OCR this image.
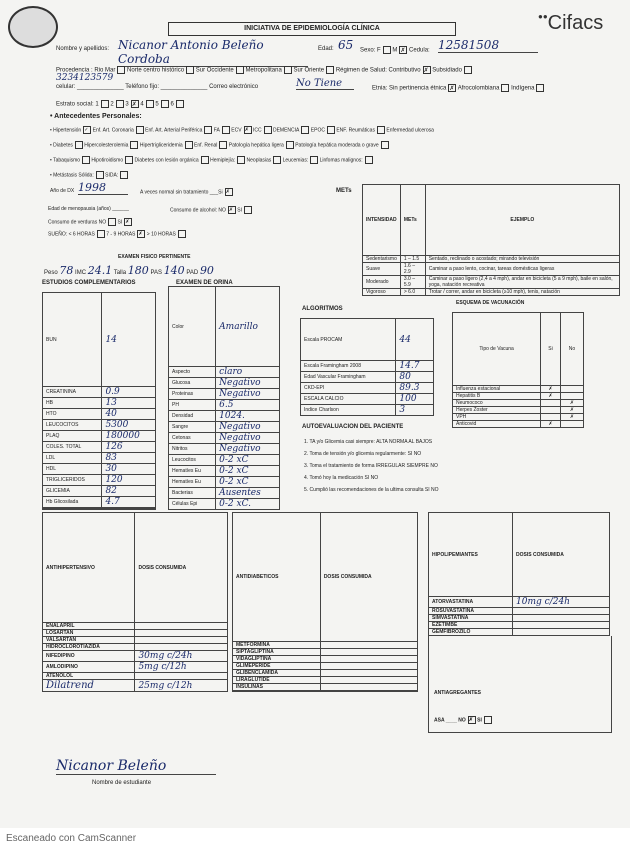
INICIATIVA DE EPIDEMIOLOGÍA CLÍNICA
●●Cifacs
Nombre y apellidos: Nicanor Antonio Beleño Cordoba
Edad: 65 Sexo: F M ✗ Cedula: 12581508
Procedencia : Rio Mar Norte centro histórico Sur Occidente Metropolitana Sur Oriente Régimen de Salud: Contributivo ✗ Subsidiado
3234123579
celular: ______________ Teléfono fijo: ______________ Correo electrónico	No Tiene	Etnia: Sin pertinencia étnica ✗ Afrocolombiana Indígena
Estrato social: 1 2 3 ✗ 4 5 6
• Antecedentes Personales:
• Hipertensión ✓ Enf. Art. Coronaria Enf. Art. Arterial Periférica FA ECV ✗ ICC DEMENCIA EPOC ENF. Reumáticas Enfermedad ulcerosa
• Diabetes Hipercolesterolemia Hipertrigliceridemia Enf. Renal Patología hepática ligera Patología hepática moderada o grave
• Tabaquismo Hipotiroidismo Diabetes con lesión orgánica Hemiplejía: Neoplasias Leucemias: Linfomas malignos:
• Metástasis Sólida: SIDA:
Año de DX 1998	A veces normal sin tratamiento ___Si ✗
Edad de menopausia (años) ______	Consumo de alcohol: NO ✗ SI
Consumo de verduras NO SI ✗
SUEÑO: < 6 HORAS 7 - 9 HORAS ✗ > 10 HORAS
METs
INTENSIDAD	METs	EJEMPLO
Sedentarismo	1 – 1.5	Sentado, reclinado o acostado; mirando televisión
Suave	1.6 – 2.9	Caminar a paso lento, cocinar, tareas domésticas ligeras
Moderado	3.0 – 5.9	Caminar a paso ligero (2,4 a 4 mph), andar en bicicleta (5 a 9 mph), baile en salón, yoga, natación recreativa
Vigoroso	> 6.0	Trotar / correr, andar en bicicleta (≥10 mph), tenis, natación
EXAMEN FISICO PERTINENTE
Peso 78 IMC 24.1 Talla 180 PAS 140 PAD 90
ESTUDIOS COMPLEMENTARIOS
BUN	14
CREATININA	0.9
HB	13
HTO	40
LEUCOCITOS	5300
PLAQ	180000
COLES. TOTAL	126
LDL	83
HDL	30
TRIGLICERIDOS	120
GLICEMIA	82
Hb Glicosilada	4.7

EXAMEN DE ORINA
Color	Amarillo
Aspecto	claro
Glucosa	Negativo
Proteinas	Negativo
PH	6.5
Densidad	1024.
Sangre	Negativo
Cetonas	Negativo
Nitritos	Negativo
Leucocitos	0-2 xC
Hematíes Eu	0-2 xC
Hematíes Eu	0-2 xC
Bacterias	Ausentes
Células Epi	0-2 xC.
ALGORITMOS
Escala PROCAM	44
Escala Framingham 2008	14.7
Edad Vascular Framingham	80
CKD-EPI	89.3
ESCALA CALCIO	100
Indice Charlson	3
ESQUEMA DE VACUNACIÓN
Tipo de Vacuna	Si	No
Influenza estacional	✗	
Hepatitis B	✗	
Neumococo		✗
Herpes Zoster		✗
VPH		✗
Anticovid	✗	
AUTOEVALUACION DEL PACIENTE
1. TA y/o Glicemia casi siempre: ALTA NORMA AL BAJOS
2. Toma de tensión y/o glicemia regularmente: SI NO
3. Toma el tratamiento de forma IRREGULAR SIEMPRE NO
4. Tomó hoy la medicación SI NO
5. Cumplió las recomendaciones de la ultima consulta SI NO
ANTIHIPERTENSIVO	DOSIS CONSUMIDA
ENALAPRIL	
LOSARTAN	
VALSARTAN	
HIDROCLOROTIAZIDA	
NIFEDIPINO	30mg c/24h
AMLODIPINO	5mg c/12h
ATENOLOL	
Dilatrend	25mg c/12h
ANTIDIABETICOS	DOSIS CONSUMIDA
METFORMINA	
SIPTAGLIPTINA	
VIDAGLIPTINA	
GLIMEPERIDE	
GLIBENCLAMIDA	
LIRAGLUTIDE	
INSULINAS	

HIPOLIPEMIANTES	DOSIS CONSUMIDA
ATORVASTATINA	10mg c/24h
ROSUVASTATINA	
SIMVASTATINA	
EZETIMBE	
GEMFIBROZILO	
ANTIAGREGANTES
ASA ____ NO ✗ SI
Nicanor Beleño
Nombre de estudiante
Escaneado con CamScanner
